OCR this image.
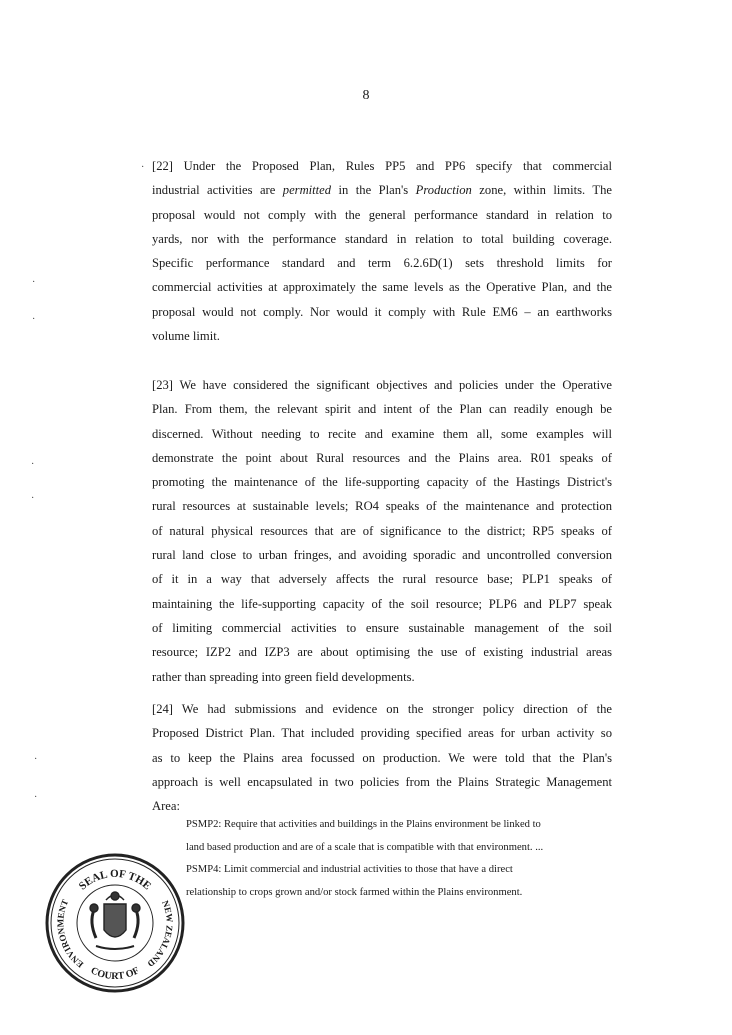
8
·
·
·
·
·
·
·
[22] Under the Proposed Plan, Rules PP5 and PP6 specify that commercial
industrial activities are permitted in the Plan's Production zone, within limits. The
proposal would not comply with the general performance standard in relation to
yards, nor with the performance standard in relation to total building coverage.
Specific performance standard and term 6.2.6D(1) sets threshold limits for
commercial activities at approximately the same levels as the Operative Plan, and the
proposal would not comply. Nor would it comply with Rule EM6 – an earthworks
volume limit.
[23] We have considered the significant objectives and policies under the Operative
Plan. From them, the relevant spirit and intent of the Plan can readily enough be
discerned. Without needing to recite and examine them all, some examples will
demonstrate the point about Rural resources and the Plains area. R01 speaks of
promoting the maintenance of the life-supporting capacity of the Hastings District's
rural resources at sustainable levels; RO4 speaks of the maintenance and protection
of natural physical resources that are of significance to the district; RP5 speaks of
rural land close to urban fringes, and avoiding sporadic and uncontrolled conversion
of it in a way that adversely affects the rural resource base; PLP1 speaks of
maintaining the life-supporting capacity of the soil resource; PLP6 and PLP7 speak
of limiting commercial activities to ensure sustainable management of the soil
resource; IZP2 and IZP3 are about optimising the use of existing industrial areas
rather than spreading into green field developments.
[24] We had submissions and evidence on the stronger policy direction of the
Proposed District Plan. That included providing specified areas for urban activity so
as to keep the Plains area focussed on production. We were told that the Plan's
approach is well encapsulated in two policies from the Plains Strategic Management
Area:

PSMP2: Require that activities and buildings in the Plains environment be linked to

land based production and are of a scale that is compatible with that environment. ...

PSMP4: Limit commercial and industrial activities to those that have a direct

relationship to crops grown and/or stock farmed within the Plains environment.

SEAL OF THE
COURT OF
ENVIRONMENT	NEW ZEALAND
